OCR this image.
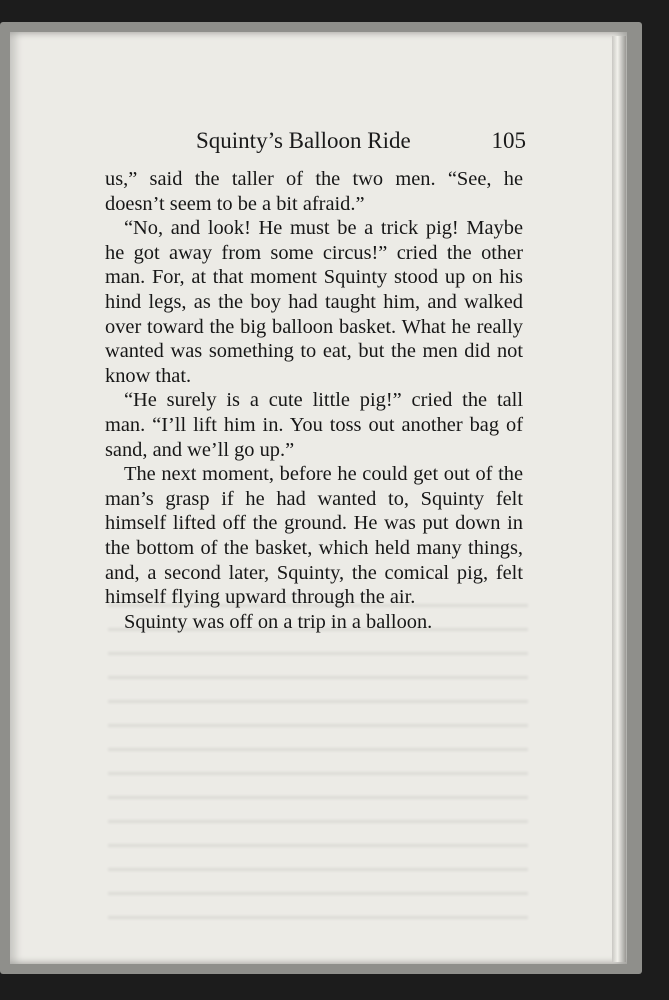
Squinty’s Balloon Ride	105

us,” said the taller of the two men. “See, he doesn’t seem to be a bit afraid.”

“No, and look! He must be a trick pig! Maybe he got away from some circus!” cried the other man. For, at that moment Squinty stood up on his hind legs, as the boy had taught him, and walked over toward the big balloon basket. What he really wanted was something to eat, but the men did not know that.

“He surely is a cute little pig!” cried the tall man. “I’ll lift him in. You toss out another bag of sand, and we’ll go up.”

The next moment, before he could get out of the man’s grasp if he had wanted to, Squinty felt himself lifted off the ground. He was put down in the bottom of the basket, which held many things, and, a second later, Squinty, the comical pig, felt himself flying upward through the air.

Squinty was off on a trip in a balloon.
